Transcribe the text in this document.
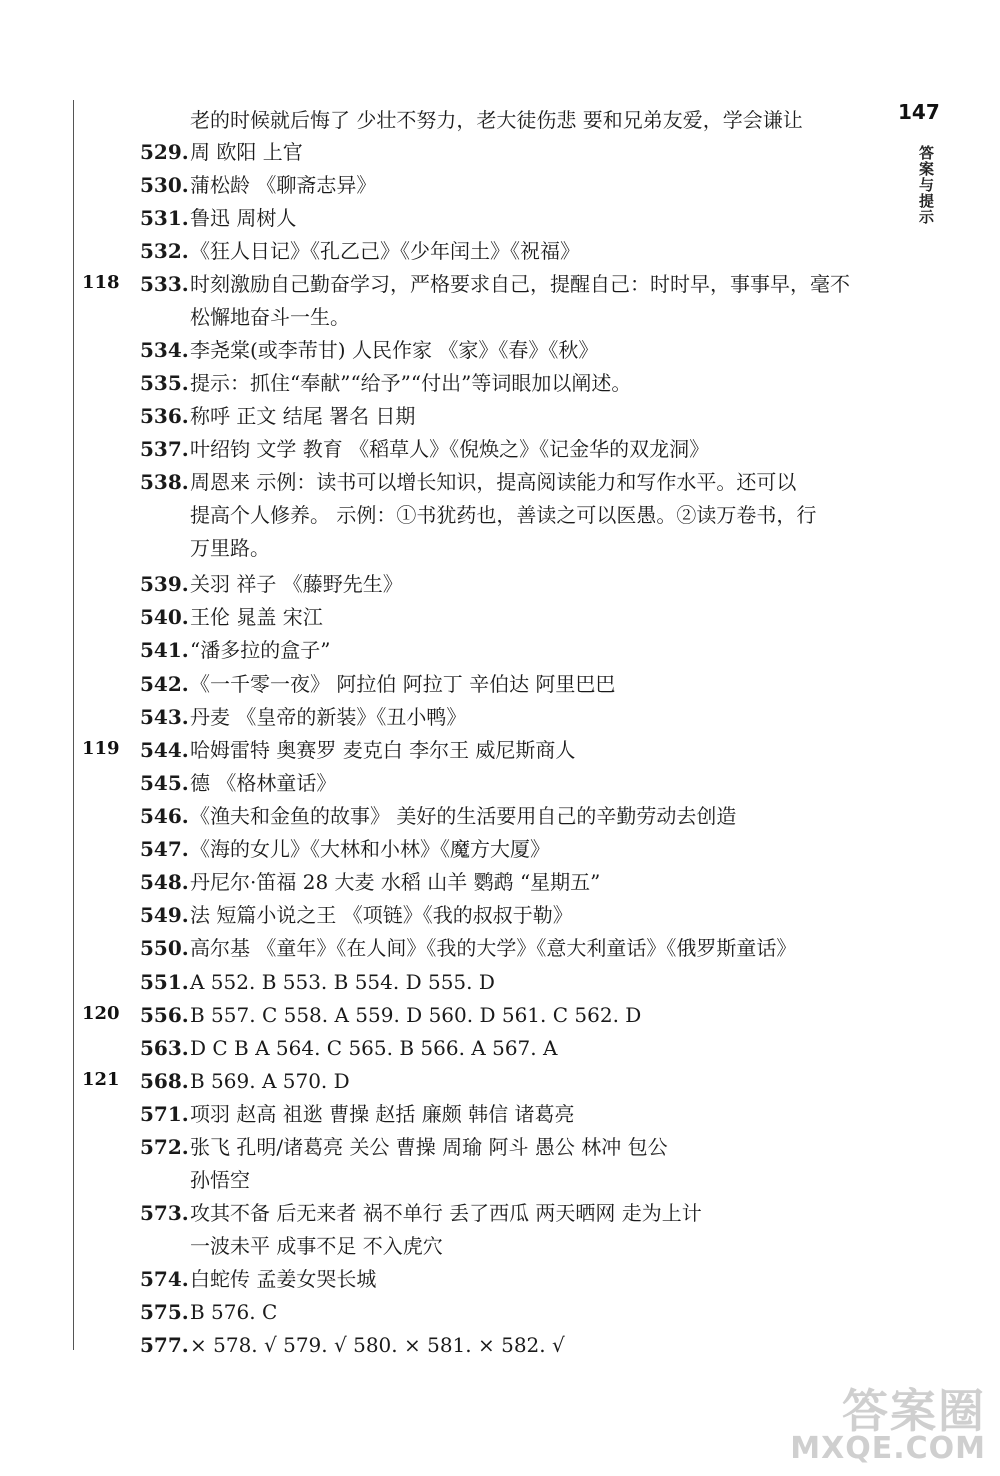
147
答案与提示
118
119
120
121
老的时候就后悔了 少壮不努力，老大徒伤悲 要和兄弟友爱，学会谦让
529.周 欧阳 上官
530.蒲松龄 《聊斋志异》
531.鲁迅 周树人
532.《狂人日记》《孔乙己》《少年闰土》《祝福》
533.时刻激励自己勤奋学习，严格要求自己，提醒自己：时时早，事事早，毫不
松懈地奋斗一生。
534.李尧棠(或李芾甘) 人民作家 《家》《春》《秋》
535.提示：抓住“奉献”“给予”“付出”等词眼加以阐述。
536.称呼 正文 结尾 署名 日期
537.叶绍钧 文学 教育 《稻草人》《倪焕之》《记金华的双龙洞》
538.周恩来 示例：读书可以增长知识，提高阅读能力和写作水平。还可以
提高个人修养。 示例：①书犹药也，善读之可以医愚。②读万卷书，行
万里路。
539.关羽 祥子 《藤野先生》
540.王伦 晁盖 宋江
541.“潘多拉的盒子”
542.《一千零一夜》 阿拉伯 阿拉丁 辛伯达 阿里巴巴
543.丹麦 《皇帝的新装》《丑小鸭》
544.哈姆雷特 奥赛罗 麦克白 李尔王 威尼斯商人
545.德 《格林童话》
546.《渔夫和金鱼的故事》 美好的生活要用自己的辛勤劳动去创造
547.《海的女儿》《大林和小林》《魔方大厦》
548.丹尼尔·笛福 28 大麦 水稻 山羊 鹦鹉 “星期五”
549.法 短篇小说之王 《项链》《我的叔叔于勒》
550.高尔基 《童年》《在人间》《我的大学》《意大利童话》《俄罗斯童话》
551.A 552. B 553. B 554. D 555. D
556.B 557. C 558. A 559. D 560. D 561. C 562. D
563.D C B A 564. C 565. B 566. A 567. A
568.B 569. A 570. D
571.项羽 赵高 祖逖 曹操 赵括 廉颇 韩信 诸葛亮
572.张飞 孔明/诸葛亮 关公 曹操 周瑜 阿斗 愚公 林冲 包公
孙悟空
573.攻其不备 后无来者 祸不单行 丢了西瓜 两天晒网 走为上计
一波未平 成事不足 不入虎穴
574.白蛇传 孟姜女哭长城
575.B 576. C
577.× 578. √ 579. √ 580. × 581. × 582. √
答案圈
MXQE.COM
